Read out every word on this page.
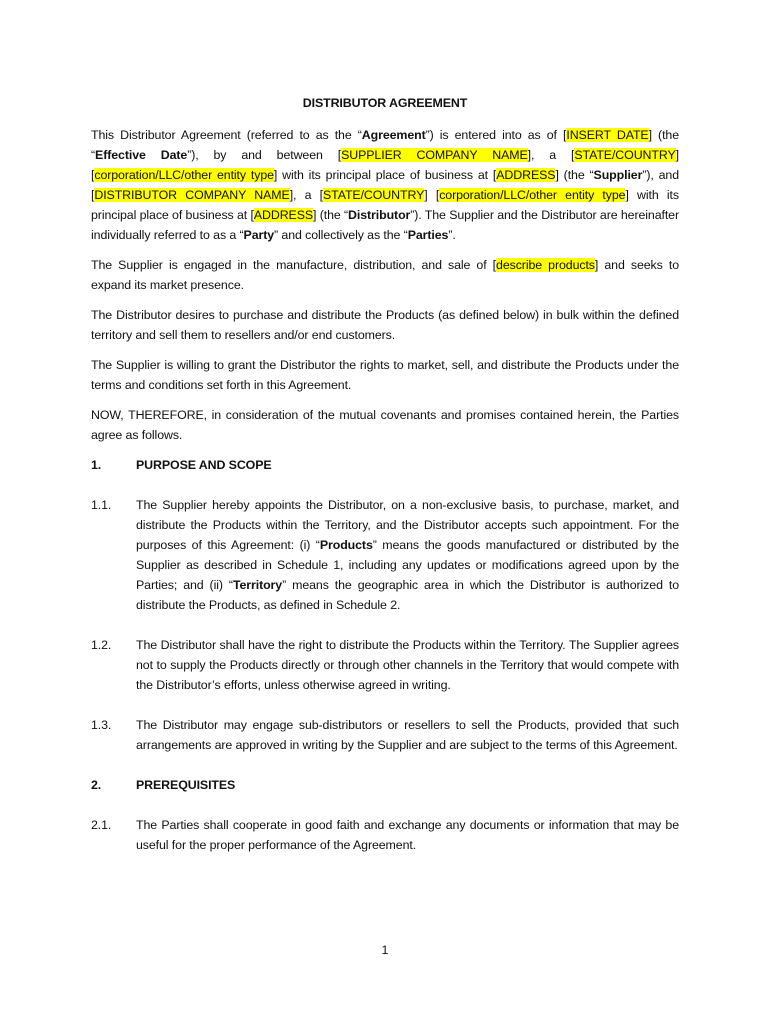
DISTRIBUTOR AGREEMENT

This Distributor Agreement (referred to as the “Agreement”) is entered into as of [INSERT DATE] (the “Effective Date”), by and between [SUPPLIER COMPANY NAME], a [STATE/COUNTRY] [corporation/LLC/other entity type] with its principal place of business at [ADDRESS] (the “Supplier”), and [DISTRIBUTOR COMPANY NAME], a [STATE/COUNTRY] [corporation/LLC/other entity type] with its principal place of business at [ADDRESS] (the “Distributor”). The Supplier and the Distributor are hereinafter individually referred to as a “Party” and collectively as the “Parties”.

The Supplier is engaged in the manufacture, distribution, and sale of [describe products] and seeks to expand its market presence.

The Distributor desires to purchase and distribute the Products (as defined below) in bulk within the defined territory and sell them to resellers and/or end customers.

The Supplier is willing to grant the Distributor the rights to market, sell, and distribute the Products under the terms and conditions set forth in this Agreement.

NOW, THEREFORE, in consideration of the mutual covenants and promises contained herein, the Parties agree as follows.

1.	PURPOSE AND SCOPE
1.1.	The Supplier hereby appoints the Distributor, on a non-exclusive basis, to purchase, market, and distribute the Products within the Territory, and the Distributor accepts such appointment. For the purposes of this Agreement: (i) “Products” means the goods manufactured or distributed by the Supplier as described in Schedule 1, including any updates or modifications agreed upon by the Parties; and (ii) “Territory” means the geographic area in which the Distributor is authorized to distribute the Products, as defined in Schedule 2.
1.2.	The Distributor shall have the right to distribute the Products within the Territory. The Supplier agrees not to supply the Products directly or through other channels in the Territory that would compete with the Distributor’s efforts, unless otherwise agreed in writing.
1.3.	The Distributor may engage sub-distributors or resellers to sell the Products, provided that such arrangements are approved in writing by the Supplier and are subject to the terms of this Agreement.
2.	PREREQUISITES
2.1.	The Parties shall cooperate in good faith and exchange any documents or information that may be useful for the proper performance of the Agreement.
1
